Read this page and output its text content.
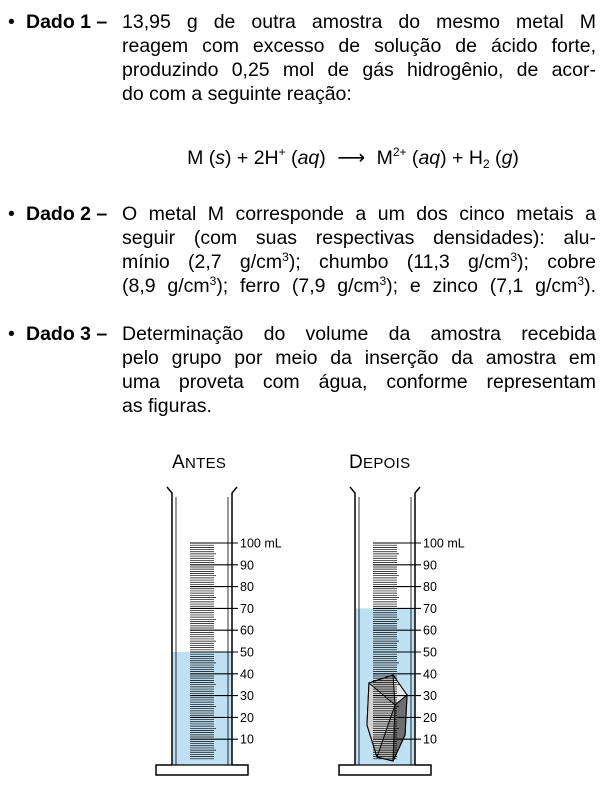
• Dado 1 – 13,95 g de outra amostra do mesmo metal M
reagem com excesso de solução de ácido forte,
produzindo 0,25 mol de gás hidrogênio, de acor-
do com a seguinte reação:
M (s) + 2H+ (aq) ⟶ $M^{2+}$ $(aq) + H_2$ (g)
• Dado 2 – O metal M corresponde a um dos cinco metais a
seguir (com suas respectivas densidades): alu-
mínio (2,7 $g/cm^3$); chumbo (11,3 $g/cm^3$); cobre
(8,9 $g/cm^3$); ferro (7,9 $g/cm^3$); e zinco (7,1 $g/cm^3$).
• Dado 3 – Determinação do volume da amostra recebida
pelo grupo por meio da inserção da amostra em
uma proveta com água, conforme representam
as figuras.
ANTES	DEPOIS
100 mL
90
80
70
60
50
40
30
20
10
100 mL
90
80
70
60
50
40
30
20
10
